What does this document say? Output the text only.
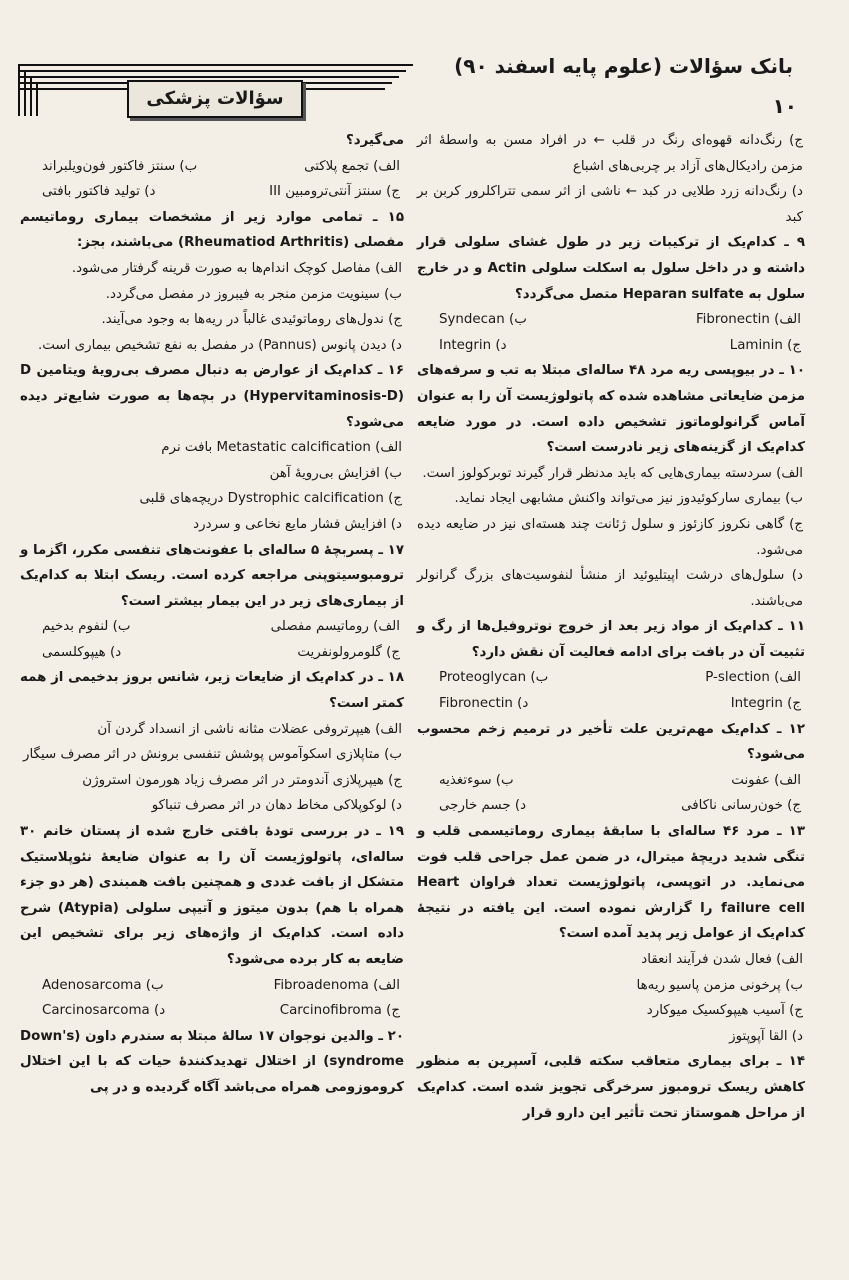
بانک سؤالات (علوم پایه اسفند ۹۰)
۱۰
سؤالات پزشکی

ج) رنگ‌دانه قهوه‌ای رنگ در قلب ← در افراد مسن به واسطهٔ اثر مزمن رادیکال‌های آزاد بر چربی‌های اشباع

د) رنگ‌دانه زرد طلایی در کبد ← ناشی از اثر سمی تتراکلرور کربن بر کبد

۹ ـ کدام‌یک از ترکیبات زیر در طول غشای سلولی قرار داشته و در داخل سلول به اسکلت سلولی Actin و در خارج سلول به Heparan sulfate متصل می‌گردد؟

الف) Fibronectin
ب) Syndecan
ج) Laminin
د) Integrin

۱۰ ـ در بیوپسی ریه مرد ۴۸ ساله‌ای مبتلا به تب و سرفه‌های مزمن ضایعاتی مشاهده شده که پاتولوژیست آن را به عنوان آماس گرانولوماتوز تشخیص داده است. در مورد ضایعه کدام‌یک از گزینه‌های زیر نادرست است؟

الف) سردسته بیماری‌هایی که باید مدنظر قرار گیرند توبرکولوز است.

ب) بیماری سارکوئیدوز نیز می‌تواند واکنش مشابهی ایجاد نماید.

ج) گاهی نکروز کازئوز و سلول ژئانت چند هسته‌ای نیز در ضایعه دیده می‌شود.

د) سلول‌های درشت اپیتلیوئید از منشأ لنفوسیت‌های بزرگ گرانولر می‌باشند.

۱۱ ـ کدام‌یک از مواد زیر بعد از خروج نوتروفیل‌ها از رگ و تثبیت آن در بافت برای ادامه فعالیت آن نقش دارد؟

الف) P-slection
ب) Proteoglycan
ج) Integrin
د) Fibronectin

۱۲ ـ کدام‌یک مهم‌ترین علت تأخیر در ترمیم زخم محسوب می‌شود؟

الف) عفونت
ب) سوء‌تغذیه
ج) خون‌رسانی ناکافی
د) جسم خارجی

۱۳ ـ مرد ۴۶ ساله‌ای با سابقهٔ بیماری روماتیسمی قلب و تنگی شدید دریچهٔ میترال، در ضمن عمل جراحی قلب فوت می‌نماید. در اتوپسی، پاتولوژیست تعداد فراوان Heart failure cell را گزارش نموده است. این یافته در نتیجهٔ کدام‌یک از عوامل زیر پدید آمده است؟

الف) فعال شدن فرآیند انعقاد

ب) پرخونی مزمن پاسیو ریه‌ها

ج) آسیب هیپوکسیک میوکارد

د) القا آپوپتوز

۱۴ ـ برای بیماری متعاقب سکته قلبی، آسپرین به منظور کاهش ریسک ترومبوز سرخرگی تجویز شده است. کدام‌یک از مراحل هموستاز تحت تأثیر این دارو قرار

می‌گیرد؟

الف) تجمع پلاکتی
ب) سنتز فاکتور فون‌ویلبراند
ج) سنتز آنتی‌ترومبین III
د) تولید فاکتور بافتی

۱۵ ـ تمامی موارد زیر از مشخصات بیماری روماتیسم مفصلی (Rheumatiod Arthritis) می‌باشند، بجز:

الف) مفاصل کوچک اندام‌ها به صورت قرینه گرفتار می‌شود.

ب) سینویت مزمن منجر به فیبروز در مفصل می‌گردد.

ج) ندول‌های روماتوئیدی غالباً در ریه‌ها به وجود می‌آیند.

د) دیدن پانوس (Pannus) در مفصل به نفع تشخیص بیماری است.

۱۶ ـ کدام‌یک از عوارض به دنبال مصرف بی‌رویهٔ ویتامین D (Hypervitaminosis-D) در بچه‌ها به صورت شایع‌تر دیده می‌شود؟

الف) Metastatic calcification بافت نرم

ب) افزایش بی‌رویهٔ آهن

ج) Dystrophic calcification دریچه‌های قلبی

د) افزایش فشار مایع نخاعی و سردرد

۱۷ ـ پسربچهٔ ۵ ساله‌ای با عفونت‌های تنفسی مکرر، اگزما و ترومبوسیتوپنی مراجعه کرده است. ریسک ابتلا به کدام‌یک از بیماری‌های زیر در این بیمار بیشتر است؟

الف) روماتیسم مفصلی
ب) لنفوم بدخیم
ج) گلومرولونفریت
د) هیپوکلسمی

۱۸ ـ در کدام‌یک از ضایعات زیر، شانس بروز بدخیمی از همه کمتر است؟

الف) هیپرتروفی عضلات مثانه ناشی از انسداد گردن آن

ب) متاپلازی اسکوآموس پوشش تنفسی برونش در اثر مصرف سیگار

ج) هیپرپلازی آندومتر در اثر مصرف زیاد هورمون استروژن

د) لوکوپلاکی مخاط دهان در اثر مصرف تنباکو

۱۹ ـ در بررسی تودهٔ بافتی خارج شده از پستان خانم ۳۰ ساله‌ای، پاتولوژیست آن را به عنوان ضایعهٔ نئوپلاستیک متشکل از بافت غددی و همچنین بافت همبندی (هر دو جزء همراه با هم) بدون میتوز و آتیپی سلولی (Atypia) شرح داده است. کدام‌یک از واژه‌های زیر برای تشخیص این ضایعه به کار برده می‌شود؟

الف) Fibroadenoma
ب) Adenosarcoma
ج) Carcinofibroma
د) Carcinosarcoma

۲۰ ـ والدین نوجوان ۱۷ سالهٔ مبتلا به سندرم داون (Down's syndrome) از اختلال تهدیدکنندهٔ حیات که با این اختلال کروموزومی همراه می‌باشد آگاه گردیده و در پی
